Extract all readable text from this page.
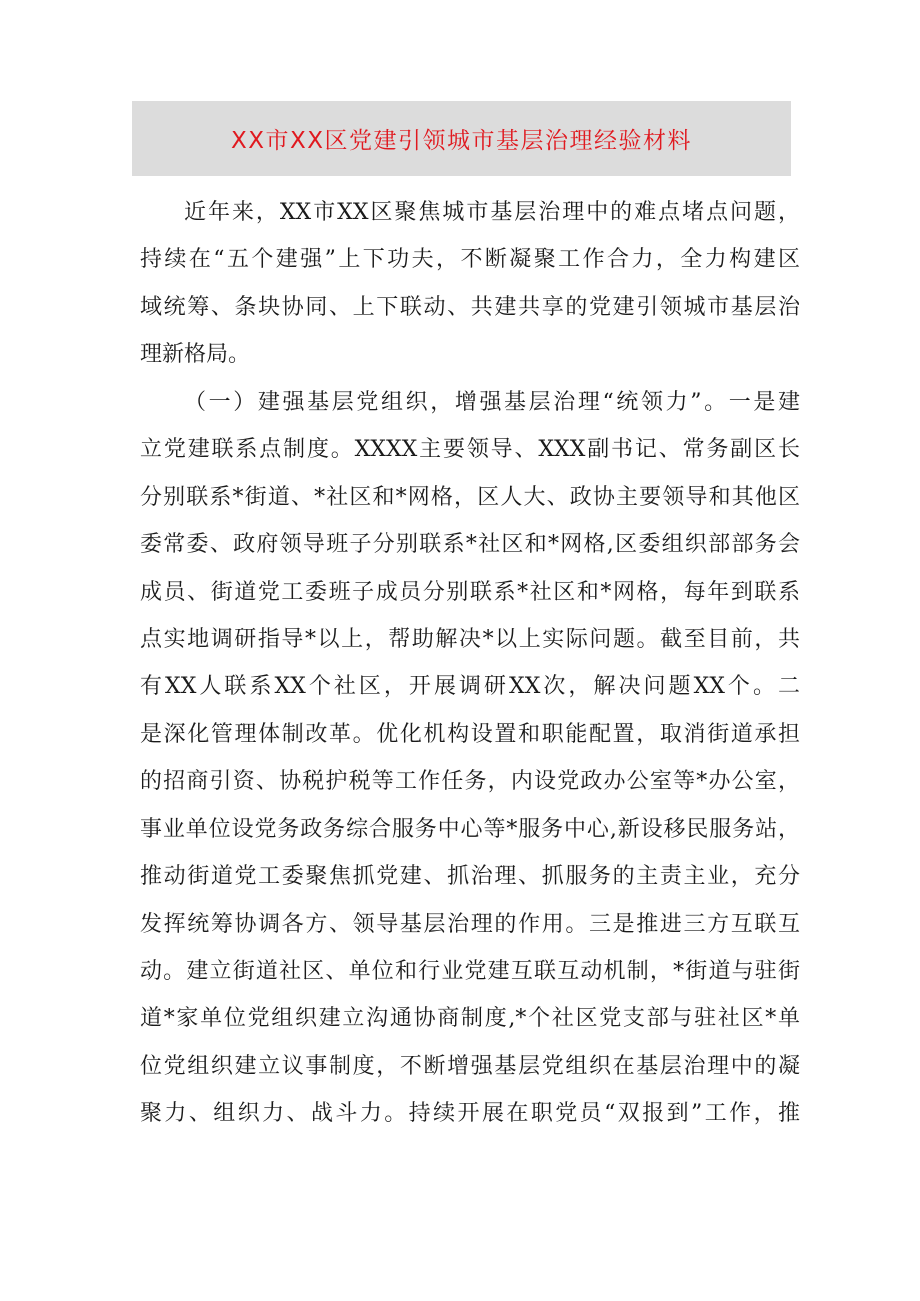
XX市XX区党建引领城市基层治理经验材料
近年来，XX市XX区聚焦城市基层治理中的难点堵点问题，
持续在“五个建强”上下功夫，不断凝聚工作合力，全力构建区
域统筹、条块协同、上下联动、共建共享的党建引领城市基层治
理新格局。
（一）建强基层党组织，增强基层治理“统领力”。一是建
立党建联系点制度。XXXX主要领导、XXX副书记、常务副区长
分别联系*街道、*社区和*网格，区人大、政协主要领导和其他区
委常委、政府领导班子分别联系*社区和*网格,区委组织部部务会
成员、街道党工委班子成员分别联系*社区和*网格，每年到联系
点实地调研指导*以上，帮助解决*以上实际问题。截至目前，共
有XX人联系XX个社区，开展调研XX次，解决问题XX个。二
是深化管理体制改革。优化机构设置和职能配置，取消街道承担
的招商引资、协税护税等工作任务，内设党政办公室等*办公室，
事业单位设党务政务综合服务中心等*服务中心,新设移民服务站，
推动街道党工委聚焦抓党建、抓治理、抓服务的主责主业，充分
发挥统筹协调各方、领导基层治理的作用。三是推进三方互联互
动。建立街道社区、单位和行业党建互联互动机制，*街道与驻街
道*家单位党组织建立沟通协商制度,*个社区党支部与驻社区*单
位党组织建立议事制度，不断增强基层党组织在基层治理中的凝
聚力、组织力、战斗力。持续开展在职党员“双报到”工作，推
